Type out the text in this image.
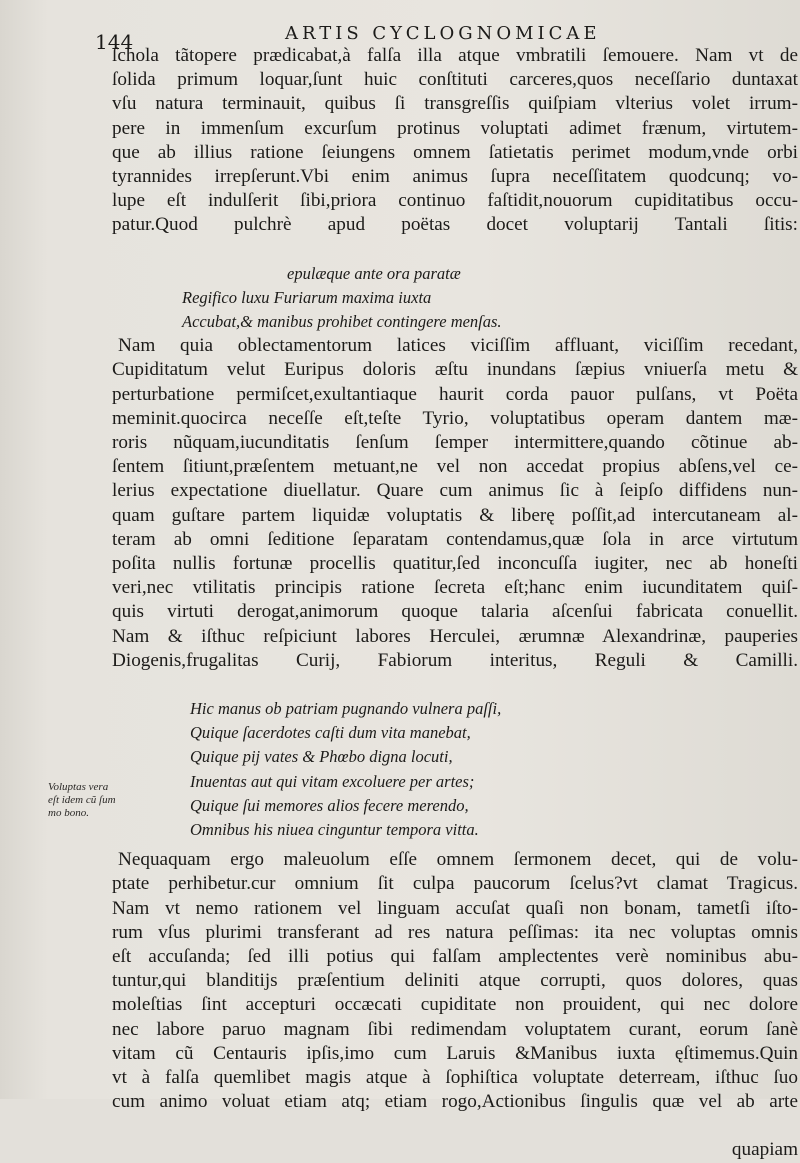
144	ARTIS CYCLOGNOMICAE
Voluptas vera
eſt idem cũ ſum
mo bono.
ſchola tãtopere prædicabat,à falſa illa atque vmbratili ſemouere. Nam vt de
ſolida primum loquar,ſunt huic conſtituti carceres,quos neceſſario duntaxat
vſu natura terminauit, quibus ſi transgreſſis quiſpiam vlterius volet irrum-
pere in immenſum excurſum protinus voluptati adimet frænum, virtutem-
que ab illius ratione ſeiungens omnem ſatietatis perimet modum,vnde orbi
tyrannides irrepſerunt.Vbi enim animus ſupra neceſſitatem quodcunq; vo-
lupe eſt indulſerit ſibi,priora continuo faſtidit,nouorum cupiditatibus occu-
patur.Quod pulchrè apud poëtas docet voluptarij Tantali ſitis:
epulæque ante ora paratæ
Regifico luxu Furiarum maxima iuxta
Accubat,& manibus prohibet contingere menſas.
Nam quia oblectamentorum latices viciſſim affluant, viciſſim recedant,
Cupiditatum velut Euripus doloris æſtu inundans ſæpius vniuerſa metu &
perturbatione permiſcet,exultantiaque haurit corda pauor pulſans, vt Poëta
meminit.quocirca neceſſe eſt,teſte Tyrio, voluptatibus operam dantem mæ-
roris nũquam,iucunditatis ſenſum ſemper intermittere,quando cõtinue ab-
ſentem ſitiunt,præſentem metuant,ne vel non accedat propius abſens,vel ce-
lerius expectatione diuellatur. Quare cum animus ſic à ſeipſo diffidens nun-
quam guſtare partem liquidæ voluptatis & liberę poſſit,ad intercutaneam al-
teram ab omni ſeditione ſeparatam contendamus,quæ ſola in arce virtutum
poſita nullis fortunæ procellis quatitur,ſed inconcuſſa iugiter, nec ab honeſti
veri,nec vtilitatis principis ratione ſecreta eſt;hanc enim iucunditatem quiſ-
quis virtuti derogat,animorum quoque talaria aſcenſui fabricata conuellit.
Nam & iſthuc reſpiciunt labores Herculei, ærumnæ Alexandrinæ, pauperies
Diogenis,frugalitas Curij, Fabiorum interitus, Reguli & Camilli.
Hic manus ob patriam pugnando vulnera paſſi,
Quique ſacerdotes caſti dum vita manebat,
Quique pij vates & Phœbo digna locuti,
Inuentas aut qui vitam excoluere per artes;
Quique ſui memores alios fecere merendo,
Omnibus his niuea cinguntur tempora vitta.
Nequaquam ergo maleuolum eſſe omnem ſermonem decet, qui de volu-
ptate perhibetur.cur omnium ſit culpa paucorum ſcelus?vt clamat Tragicus.
Nam vt nemo rationem vel linguam accuſat quaſi non bonam, tametſi iſto-
rum vſus plurimi transferant ad res natura peſſimas: ita nec voluptas omnis
eſt accuſanda; ſed illi potius qui falſam amplectentes verè nominibus abu-
tuntur,qui blanditijs præſentium deliniti atque corrupti, quos dolores, quas
moleſtias ſint accepturi occæcati cupiditate non prouident, qui nec dolore
nec labore paruo magnam ſibi redimendam voluptatem curant, eorum ſanè
vitam cũ Centauris ipſis,imo cum Laruis &Manibus iuxta ęſtimemus.Quin
vt à falſa quemlibet magis atque à ſophiſtica voluptate deterream, iſthuc ſuo
cum animo voluat etiam atq; etiam rogo,Actionibus ſingulis quæ vel ab arte
quapiam
